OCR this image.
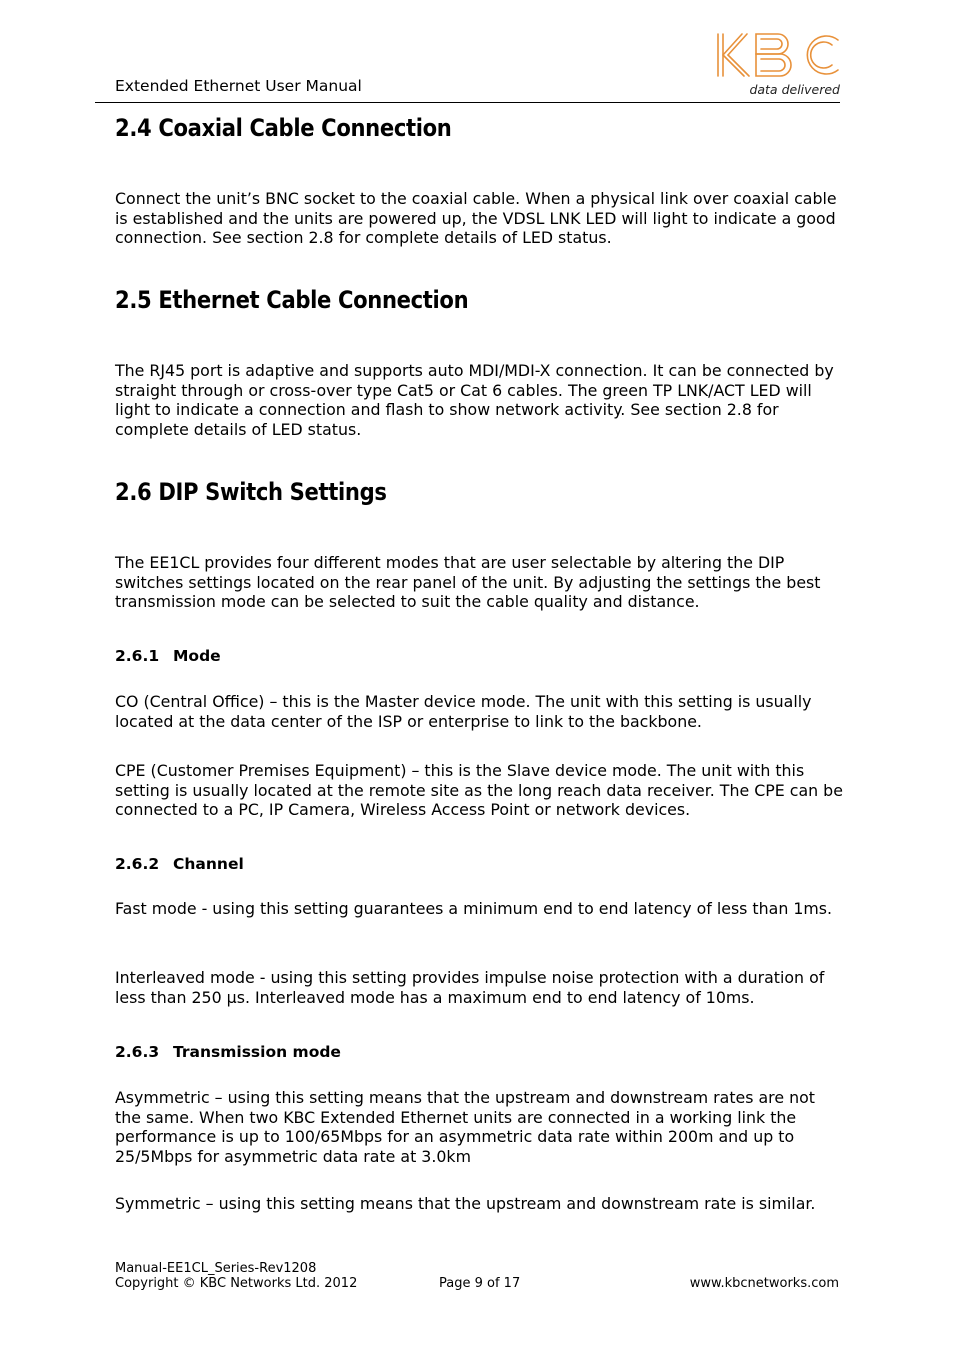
Extended Ethernet User Manual	data delivered
2.4 Coaxial Cable Connection
Connect the unit’s BNC socket to the coaxial cable. When a physical link over coaxial cable is established and the units are powered up, the VDSL LNK LED will light to indicate a good connection. See section 2.8 for complete details of LED status.
2.5 Ethernet Cable Connection
The RJ45 port is adaptive and supports auto MDI/MDI-X connection. It can be connected by straight through or cross-over type Cat5 or Cat 6 cables. The green TP LNK/ACT LED will light to indicate a connection and flash to show network activity. See section 2.8 for complete details of LED status.
2.6 DIP Switch Settings
The EE1CL provides four different modes that are user selectable by altering the DIP switches settings located on the rear panel of the unit. By adjusting the settings the best transmission mode can be selected to suit the cable quality and distance.
2.6.1 Mode
CO (Central Office) – this is the Master device mode. The unit with this setting is usually located at the data center of the ISP or enterprise to link to the backbone.
CPE (Customer Premises Equipment) – this is the Slave device mode. The unit with this setting is usually located at the remote site as the long reach data receiver. The CPE can be connected to a PC, IP Camera, Wireless Access Point or network devices.
2.6.2 Channel
Fast mode - using this setting guarantees a minimum end to end latency of less than 1ms.
Interleaved mode - using this setting provides impulse noise protection with a duration of less than 250 µs. Interleaved mode has a maximum end to end latency of 10ms.
2.6.3 Transmission mode
Asymmetric – using this setting means that the upstream and downstream rates are not the same. When two KBC Extended Ethernet units are connected in a working link the performance is up to 100/65Mbps for an asymmetric data rate within 200m and up to 25/5Mbps for asymmetric data rate at 3.0km
Symmetric – using this setting means that the upstream and downstream rate is similar.
Manual-EE1CL_Series-Rev1208
Copyright © KBC Networks Ltd. 2012	Page 9 of 17	www.kbcnetworks.com
